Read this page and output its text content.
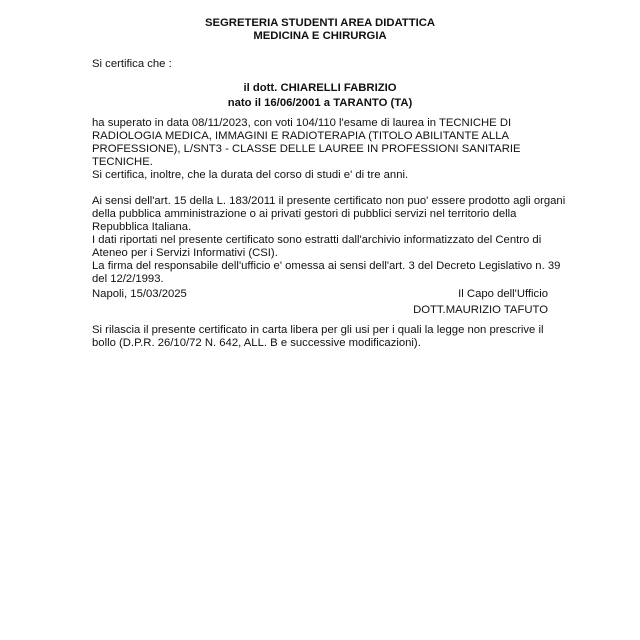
SEGRETERIA STUDENTI AREA DIDATTICA
MEDICINA E CHIRURGIA
Si certifica che :
il dott. CHIARELLI FABRIZIO
nato il 16/06/2001 a TARANTO (TA)
ha superato in data 08/11/2023, con voti 104/110 l'esame di laurea in TECNICHE DI
RADIOLOGIA MEDICA, IMMAGINI E RADIOTERAPIA (TITOLO ABILITANTE ALLA
PROFESSIONE), L/SNT3 - CLASSE DELLE LAUREE IN PROFESSIONI SANITARIE
TECNICHE.
Si certifica, inoltre, che la durata del corso di studi e' di tre anni.
Ai sensi dell'art. 15 della L. 183/2011 il presente certificato non puo' essere prodotto agli organi
della pubblica amministrazione o ai privati gestori di pubblici servizi nel territorio della
Repubblica Italiana.
I dati riportati nel presente certificato sono estratti dall'archivio informatizzato del Centro di
Ateneo per i Servizi Informativi (CSI).
La firma del responsabile dell'ufficio e' omessa ai sensi dell'art. 3 del Decreto Legislativo n. 39
del 12/2/1993.
Napoli, 15/03/2025	Il Capo dell'Ufficio
DOTT.MAURIZIO TAFUTO
Si rilascia il presente certificato in carta libera per gli usi per i quali la legge non prescrive il
bollo (D.P.R. 26/10/72 N. 642, ALL. B e successive modificazioni).
